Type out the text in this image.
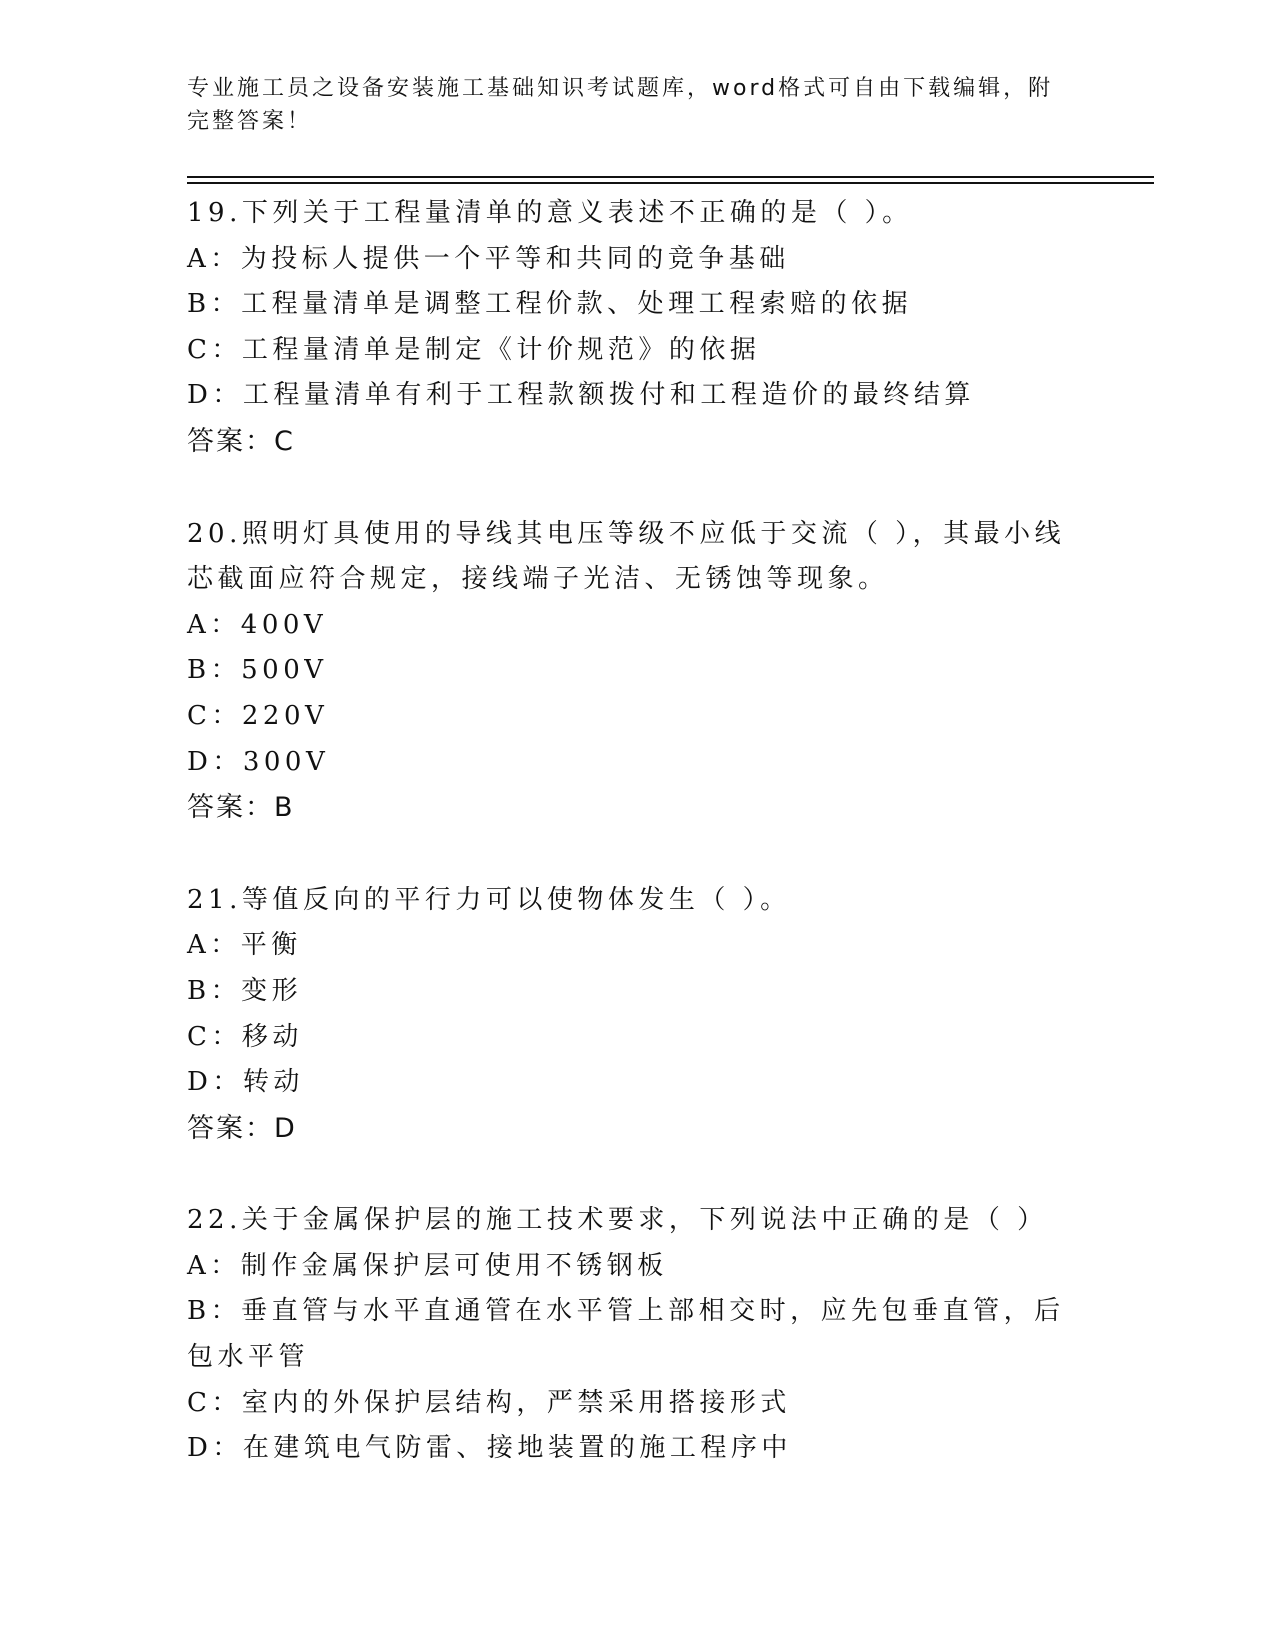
专业施工员之设备安装施工基础知识考试题库，word格式可自由下载编辑，附完整答案！
19.下列关于工程量清单的意义表述不正确的是（ ）。
A：为投标人提供一个平等和共同的竞争基础
B：工程量清单是调整工程价款、处理工程索赔的依据
C：工程量清单是制定《计价规范》的依据
D：工程量清单有利于工程款额拨付和工程造价的最终结算
答案：C
20.照明灯具使用的导线其电压等级不应低于交流（ ），其最小线芯截面应符合规定，接线端子光洁、无锈蚀等现象。
A：400V
B：500V
C：220V
D：300V
答案：B
21.等值反向的平行力可以使物体发生（ ）。
A：平衡
B：变形
C：移动
D：转动
答案：D
22.关于金属保护层的施工技术要求，下列说法中正确的是（ ）
A：制作金属保护层可使用不锈钢板
B：垂直管与水平直通管在水平管上部相交时，应先包垂直管，后包水平管
C：室内的外保护层结构，严禁采用搭接形式
D：在建筑电气防雷、接地装置的施工程序中
